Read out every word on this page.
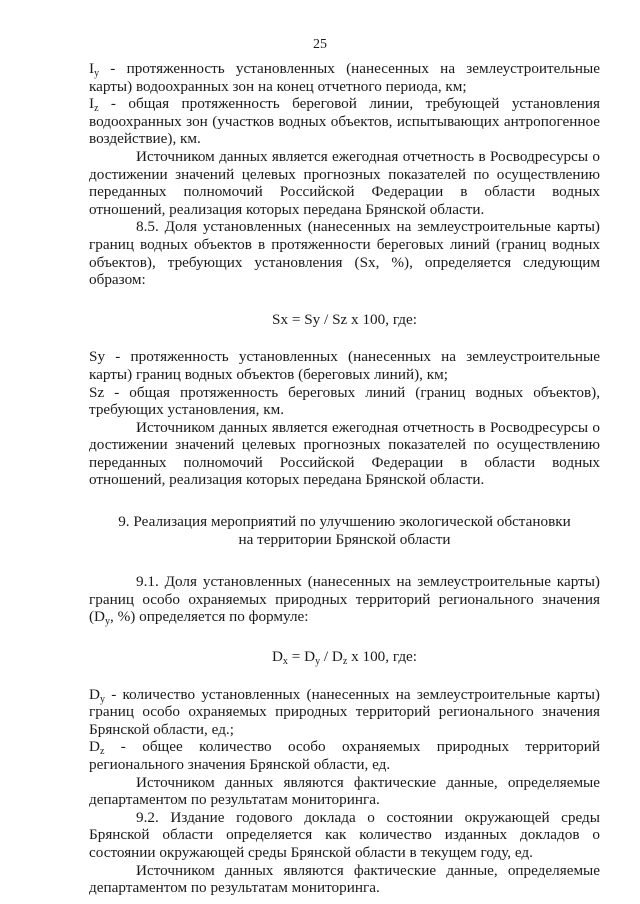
25

$I_y$ - протяженность установленных (нанесенных на землеустроительные карты) водоохранных зон на конец отчетного периода, км;

$I_z$ - общая протяженность береговой линии, требующей установления водоохранных зон (участков водных объектов, испытывающих антропогенное воздействие), км.

Источником данных является ежегодная отчетность в Росводресурсы о достижении значений целевых прогнозных показателей по осуществлению переданных полномочий Российской Федерации в области водных отношений, реализация которых передана Брянской области.

8.5. Доля установленных (нанесенных на землеустроительные карты) границ водных объектов в протяженности береговых линий (границ водных объектов), требующих установления (Sx, %), определяется следующим образом:

Sx = Sy / Sz x 100, где:

Sy - протяженность установленных (нанесенных на землеустроительные карты) границ водных объектов (береговых линий), км;

Sz - общая протяженность береговых линий (границ водных объектов), требующих установления, км.

Источником данных является ежегодная отчетность в Росводресурсы о достижении значений целевых прогнозных показателей по осуществлению переданных полномочий Российской Федерации в области водных отношений, реализация которых передана Брянской области.

9. Реализация мероприятий по улучшению экологической обстановки
на территории Брянской области

9.1. Доля установленных (нанесенных на землеустроительные карты) границ особо охраняемых природных территорий регионального значения ($D_y$, %) определяется по формуле:

$D_x = D_y / D_z$ x 100, где:

$D_y$ - количество установленных (нанесенных на землеустроительные карты) границ особо охраняемых природных территорий регионального значения Брянской области, ед.;

$D_z$ - общее количество особо охраняемых природных территорий регионального значения Брянской области, ед.

Источником данных являются фактические данные, определяемые департаментом по результатам мониторинга.

9.2. Издание годового доклада о состоянии окружающей среды Брянской области определяется как количество изданных докладов о состоянии окружающей среды Брянской области в текущем году, ед.

Источником данных являются фактические данные, определяемые департаментом по результатам мониторинга.
